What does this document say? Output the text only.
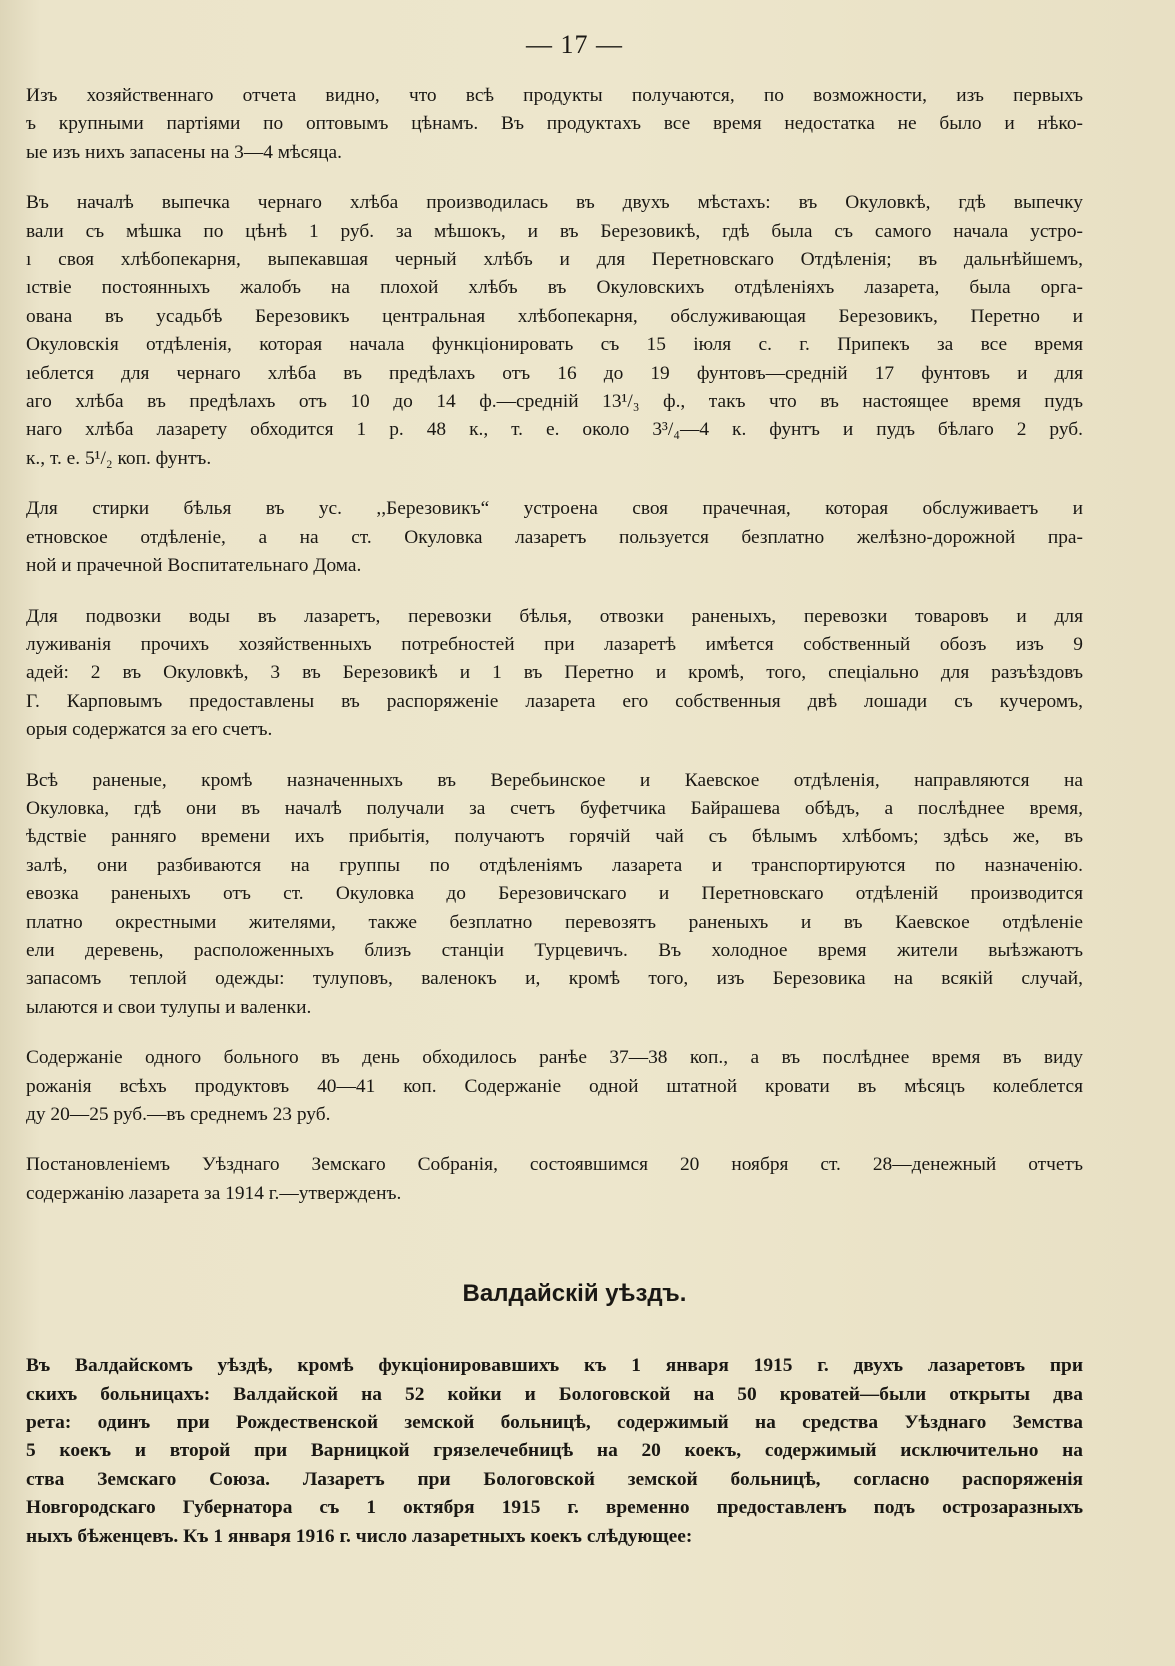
— 17 —
Изъ хозяйственнаго отчета видно, что всѣ продукты получаются, по возможности, изъ первыхъ
ъ крупными партіями по оптовымъ цѣнамъ. Въ продуктахъ все время недостатка не было и нѣко-
ые изъ нихъ запасены на 3—4 мѣсяца.
Въ началѣ выпечка чернаго хлѣба производилась въ двухъ мѣстахъ: въ Окуловкѣ, гдѣ выпечку
вали съ мѣшка по цѣнѣ 1 руб. за мѣшокъ, и въ Березовикѣ, гдѣ была съ самого начала устро-
ı своя хлѣбопекарня, выпекавшая черный хлѣбъ и для Перетновскаго Отдѣленія; въ дальнѣйшемъ,
ıствіе постоянныхъ жалобъ на плохой хлѣбъ въ Окуловскихъ отдѣленіяхъ лазарета, была орга-
ована въ усадьбѣ Березовикъ центральная хлѣбопекарня, обслуживающая Березовикъ, Перетно и
Окуловскія отдѣленія, которая начала функціонировать съ 15 іюля с. г. Припекъ за все время
ıеблется для чернаго хлѣба въ предѣлахъ отъ 16 до 19 фунтовъ—средній 17 фунтовъ и для
аго хлѣба въ предѣлахъ отъ 10 до 14 ф.—средній 13¹/₃ ф., такъ что въ настоящее время пудъ
наго хлѣба лазарету обходится 1 р. 48 к., т. е. около 3³/₄—4 к. фунтъ и пудъ бѣлаго 2 руб.
к., т. е. 5¹/₂ коп. фунтъ.
Для стирки бѣлья въ ус. ,,Березовикъ“ устроена своя прачечная, которая обслуживаетъ и
етновское отдѣленіе, а на ст. Окуловка лазаретъ пользуется безплатно желѣзно-дорожной пра-
ной и прачечной Воспитательнаго Дома.
Для подвозки воды въ лазаретъ, перевозки бѣлья, отвозки раненыхъ, перевозки товаровъ и для
луживанія прочихъ хозяйственныхъ потребностей при лазаретѣ имѣется собственный обозъ изъ 9
адей: 2 въ Окуловкѣ, 3 въ Березовикѣ и 1 въ Перетно и кромѣ, того, спеціально для разъѣздовъ
Г. Карповымъ предоставлены въ распоряженіе лазарета его собственныя двѣ лошади съ кучеромъ,
орыя содержатся за его счетъ.
Всѣ раненые, кромѣ назначенныхъ въ Веребьинское и Каевское отдѣленія, направляются на
Окуловка, гдѣ они въ началѣ получали за счетъ буфетчика Байрашева обѣдъ, а послѣднее время,
ѣдствіе ранняго времени ихъ прибытія, получаютъ горячій чай съ бѣлымъ хлѣбомъ; здѣсь же, въ
залѣ, они разбиваются на группы по отдѣленіямъ лазарета и транспортируются по назначенію.
евозка раненыхъ отъ ст. Окуловка до Березовичскаго и Перетновскаго отдѣленій производится
платно окрестными жителями, также безплатно перевозятъ раненыхъ и въ Каевское отдѣленіе
ели деревень, расположенныхъ близъ станціи Турцевичъ. Въ холодное время жители выѣзжаютъ
запасомъ теплой одежды: тулуповъ, валенокъ и, кромѣ того, изъ Березовика на всякій случай,
ылаются и свои тулупы и валенки.
Содержаніе одного больного въ день обходилось ранѣе 37—38 коп., а въ послѣднее время въ виду
рожанія всѣхъ продуктовъ 40—41 коп. Содержаніе одной штатной кровати въ мѣсяцъ колеблется
ду 20—25 руб.—въ среднемъ 23 руб.
Постановленіемъ Уѣзднаго Земскаго Собранія, состоявшимся 20 ноября ст. 28—денежный отчетъ
содержанію лазарета за 1914 г.—утвержденъ.
Валдайскій уѣздъ.
Въ Валдайскомъ уѣздѣ, кромѣ фукціонировавшихъ къ 1 января 1915 г. двухъ лазаретовъ при
скихъ больницахъ: Валдайской на 52 койки и Бологовской на 50 кроватей—были открыты два
рета: одинъ при Рождественской земской больницѣ, содержимый на средства Уѣзднаго Земства
5 коекъ и второй при Варницкой грязелечебницѣ на 20 коекъ, содержимый исключительно на
ства Земскаго Союза. Лазаретъ при Бологовской земской больницѣ, согласно распоряженія
Новгородскаго Губернатора съ 1 октября 1915 г. временно предоставленъ подъ острозаразныхъ
ныхъ бѣженцевъ. Къ 1 января 1916 г. число лазаретныхъ коекъ слѣдующее:
